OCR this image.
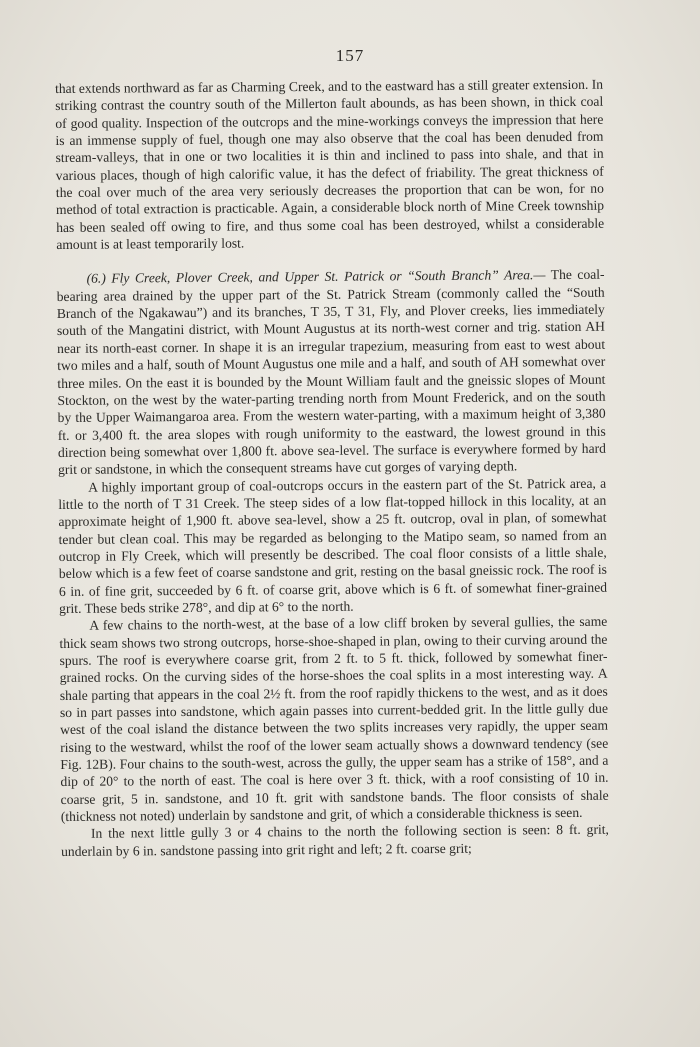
157

that extends northward as far as Charming Creek, and to the eastward has a still greater extension. In striking contrast the country south of the Millerton fault abounds, as has been shown, in thick coal of good quality. Inspection of the outcrops and the mine-workings conveys the impression that here is an immense supply of fuel, though one may also observe that the coal has been denuded from stream-valleys, that in one or two localities it is thin and inclined to pass into shale, and that in various places, though of high calorific value, it has the defect of friability. The great thickness of the coal over much of the area very seriously decreases the proportion that can be won, for no method of total extraction is practicable. Again, a considerable block north of Mine Creek township has been sealed off owing to fire, and thus some coal has been destroyed, whilst a considerable amount is at least temporarily lost.

(6.) Fly Creek, Plover Creek, and Upper St. Patrick or “South Branch” Area.— The coal-bearing area drained by the upper part of the St. Patrick Stream (commonly called the “South Branch of the Ngakawau”) and its branches, T 35, T 31, Fly, and Plover creeks, lies immediately south of the Mangatini district, with Mount Augustus at its north-west corner and trig. station AH near its north-east corner. In shape it is an irregular trapezium, measuring from east to west about two miles and a half, south of Mount Augustus one mile and a half, and south of AH somewhat over three miles. On the east it is bounded by the Mount William fault and the gneissic slopes of Mount Stockton, on the west by the water-parting trending north from Mount Frederick, and on the south by the Upper Waimangaroa area. From the western water-parting, with a maximum height of 3,380 ft. or 3,400 ft. the area slopes with rough uniformity to the eastward, the lowest ground in this direction being somewhat over 1,800 ft. above sea-level. The surface is everywhere formed by hard grit or sandstone, in which the consequent streams have cut gorges of varying depth.

A highly important group of coal-outcrops occurs in the eastern part of the St. Patrick area, a little to the north of T 31 Creek. The steep sides of a low flat-topped hillock in this locality, at an approximate height of 1,900 ft. above sea-level, show a 25 ft. outcrop, oval in plan, of somewhat tender but clean coal. This may be regarded as belonging to the Matipo seam, so named from an outcrop in Fly Creek, which will presently be described. The coal floor consists of a little shale, below which is a few feet of coarse sandstone and grit, resting on the basal gneissic rock. The roof is 6 in. of fine grit, succeeded by 6 ft. of coarse grit, above which is 6 ft. of somewhat finer-grained grit. These beds strike 278°, and dip at 6° to the north.

A few chains to the north-west, at the base of a low cliff broken by several gullies, the same thick seam shows two strong outcrops, horse-shoe-shaped in plan, owing to their curving around the spurs. The roof is everywhere coarse grit, from 2 ft. to 5 ft. thick, followed by somewhat finer-grained rocks. On the curving sides of the horse-shoes the coal splits in a most interesting way. A shale parting that appears in the coal 2½ ft. from the roof rapidly thickens to the west, and as it does so in part passes into sandstone, which again passes into current-bedded grit. In the little gully due west of the coal island the distance between the two splits increases very rapidly, the upper seam rising to the westward, whilst the roof of the lower seam actually shows a downward tendency (see Fig. 12B). Four chains to the south-west, across the gully, the upper seam has a strike of 158°, and a dip of 20° to the north of east. The coal is here over 3 ft. thick, with a roof consisting of 10 in. coarse grit, 5 in. sandstone, and 10 ft. grit with sandstone bands. The floor consists of shale (thickness not noted) underlain by sandstone and grit, of which a considerable thickness is seen.

In the next little gully 3 or 4 chains to the north the following section is seen: 8 ft. grit, underlain by 6 in. sandstone passing into grit right and left; 2 ft. coarse grit;
